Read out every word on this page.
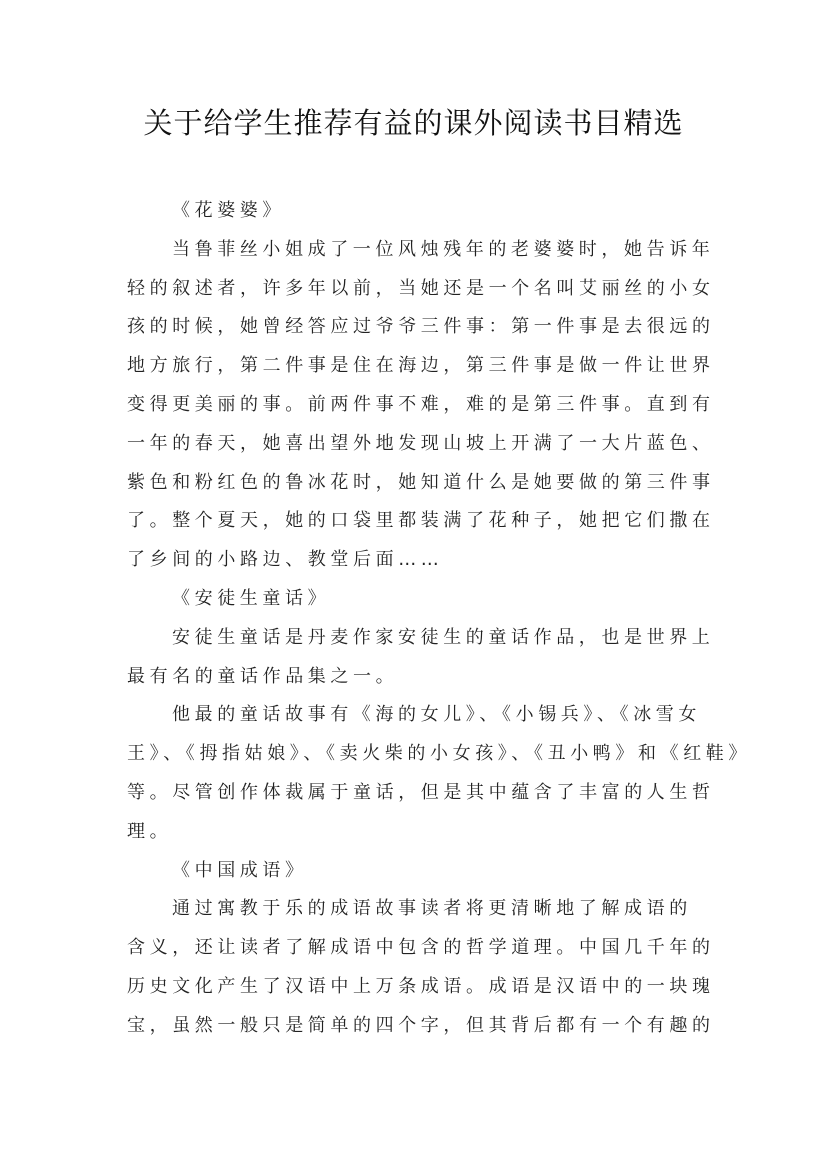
关于给学生推荐有益的课外阅读书目精选
《花婆婆》
当鲁菲丝小姐成了一位风烛残年的老婆婆时，她告诉年
轻的叙述者，许多年以前，当她还是一个名叫艾丽丝的小女
孩的时候，她曾经答应过爷爷三件事：第一件事是去很远的
地方旅行，第二件事是住在海边，第三件事是做一件让世界
变得更美丽的事。前两件事不难，难的是第三件事。直到有
一年的春天，她喜出望外地发现山坡上开满了一大片蓝色、
紫色和粉红色的鲁冰花时，她知道什么是她要做的第三件事
了。整个夏天，她的口袋里都装满了花种子，她把它们撒在
了乡间的小路边、教堂后面……
《安徒生童话》
安徒生童话是丹麦作家安徒生的童话作品，也是世界上
最有名的童话作品集之一。
他最的童话故事有《海的女儿》、《小锡兵》、《冰雪女
王》、《拇指姑娘》、《卖火柴的小女孩》、《丑小鸭》和《红鞋》
等。尽管创作体裁属于童话，但是其中蕴含了丰富的人生哲
理。
《中国成语》
通过寓教于乐的成语故事读者将更清晰地了解成语的
含义，还让读者了解成语中包含的哲学道理。中国几千年的
历史文化产生了汉语中上万条成语。成语是汉语中的一块瑰
宝，虽然一般只是简单的四个字，但其背后都有一个有趣的
